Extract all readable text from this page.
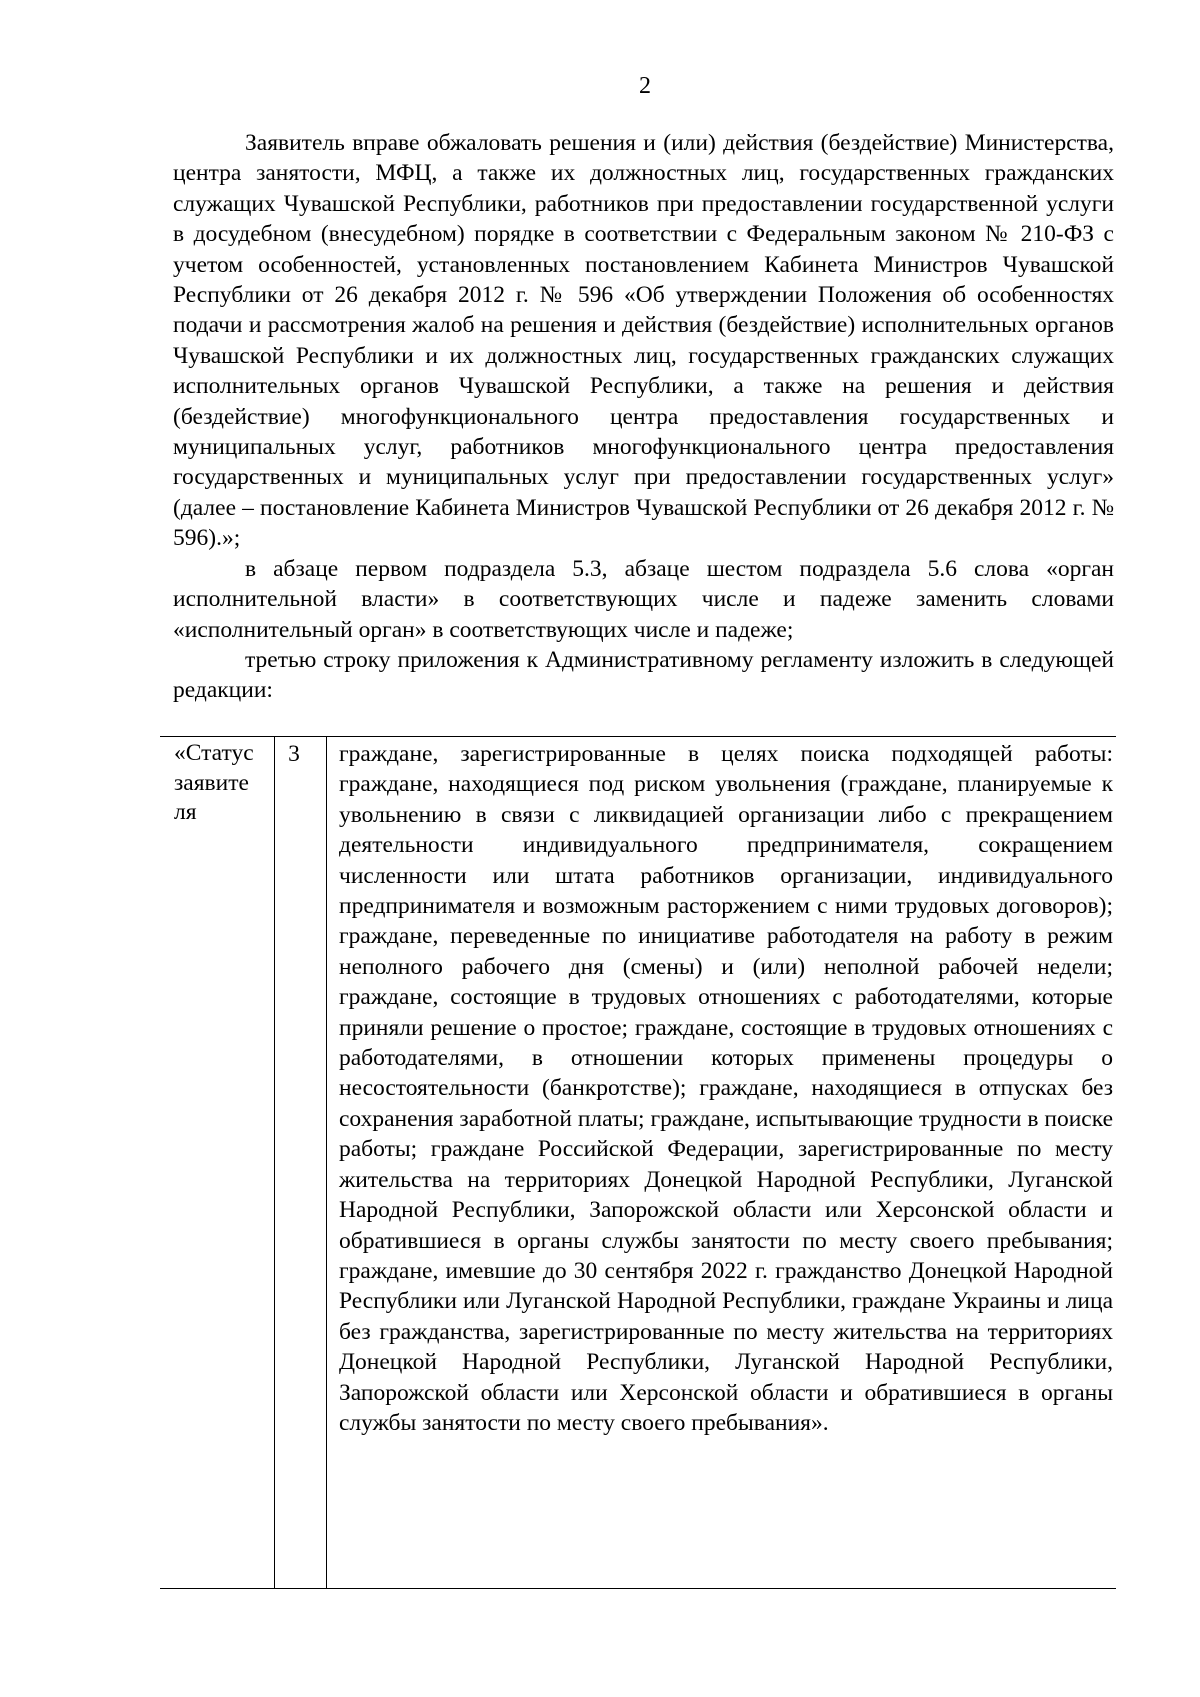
2

Заявитель вправе обжаловать решения и (или) действия (бездействие) Министерства, центра занятости, МФЦ, а также их должностных лиц, государственных гражданских служащих Чувашской Республики, работников при предоставлении государственной услуги в досудебном (внесудебном) порядке в соответствии с Федеральным законом № 210-ФЗ с учетом особенностей, установленных постановлением Кабинета Министров Чувашской Республики от 26 декабря 2012 г. № 596 «Об утверждении Положения об особенностях подачи и рассмотрения жалоб на решения и действия (бездействие) исполнительных органов Чувашской Республики и их должностных лиц, государственных гражданских служащих исполнительных органов Чувашской Республики, а также на решения и действия (бездействие) многофункционального центра предоставления государственных и муниципальных услуг, работников многофункционального центра предоставления государственных и муниципальных услуг при предоставлении государственных услуг» (далее – постановление Кабинета Министров Чувашской Республики от 26 декабря 2012 г. № 596).»;

в абзаце первом подраздела 5.3, абзаце шестом подраздела 5.6 слова «орган исполнительной власти» в соответствующих числе и падеже заменить словами «исполнительный орган» в соответствующих числе и падеже;

третью строку приложения к Административному регламенту изложить в следующей редакции:

«Статус заявителя
3	граждане, зарегистрированные в целях поиска подходящей работы: граждане, находящиеся под риском увольнения (граждане, планируемые к увольнению в связи с ликвидацией организации либо с прекращением деятельности индивидуального предпринимателя, сокращением численности или штата работников организации, индивидуального предпринимателя и возможным расторжением с ними трудовых договоров); граждане, переведенные по инициативе работодателя на работу в режим неполного рабочего дня (смены) и (или) неполной рабочей недели; граждане, состоящие в трудовых отношениях с работодателями, которые приняли решение о простое; граждане, состоящие в трудовых отношениях с работодателями, в отношении которых применены процедуры о несостоятельности (банкротстве); граждане, находящиеся в отпусках без сохранения заработной платы; граждане, испытывающие трудности в поиске работы; граждане Российской Федерации, зарегистрированные по месту жительства на территориях Донецкой Народной Республики, Луганской Народной Республики, Запорожской области или Херсонской области и обратившиеся в органы службы занятости по месту своего пребывания; граждане, имевшие до 30 сентября 2022 г. гражданство Донецкой Народной Республики или Луганской Народной Республики, граждане Украины и лица без гражданства, зарегистрированные по месту жительства на территориях Донецкой Народной Республики, Луганской Народной Республики, Запорожской области или Херсонской области и обратившиеся в органы службы занятости по месту своего пребывания».
